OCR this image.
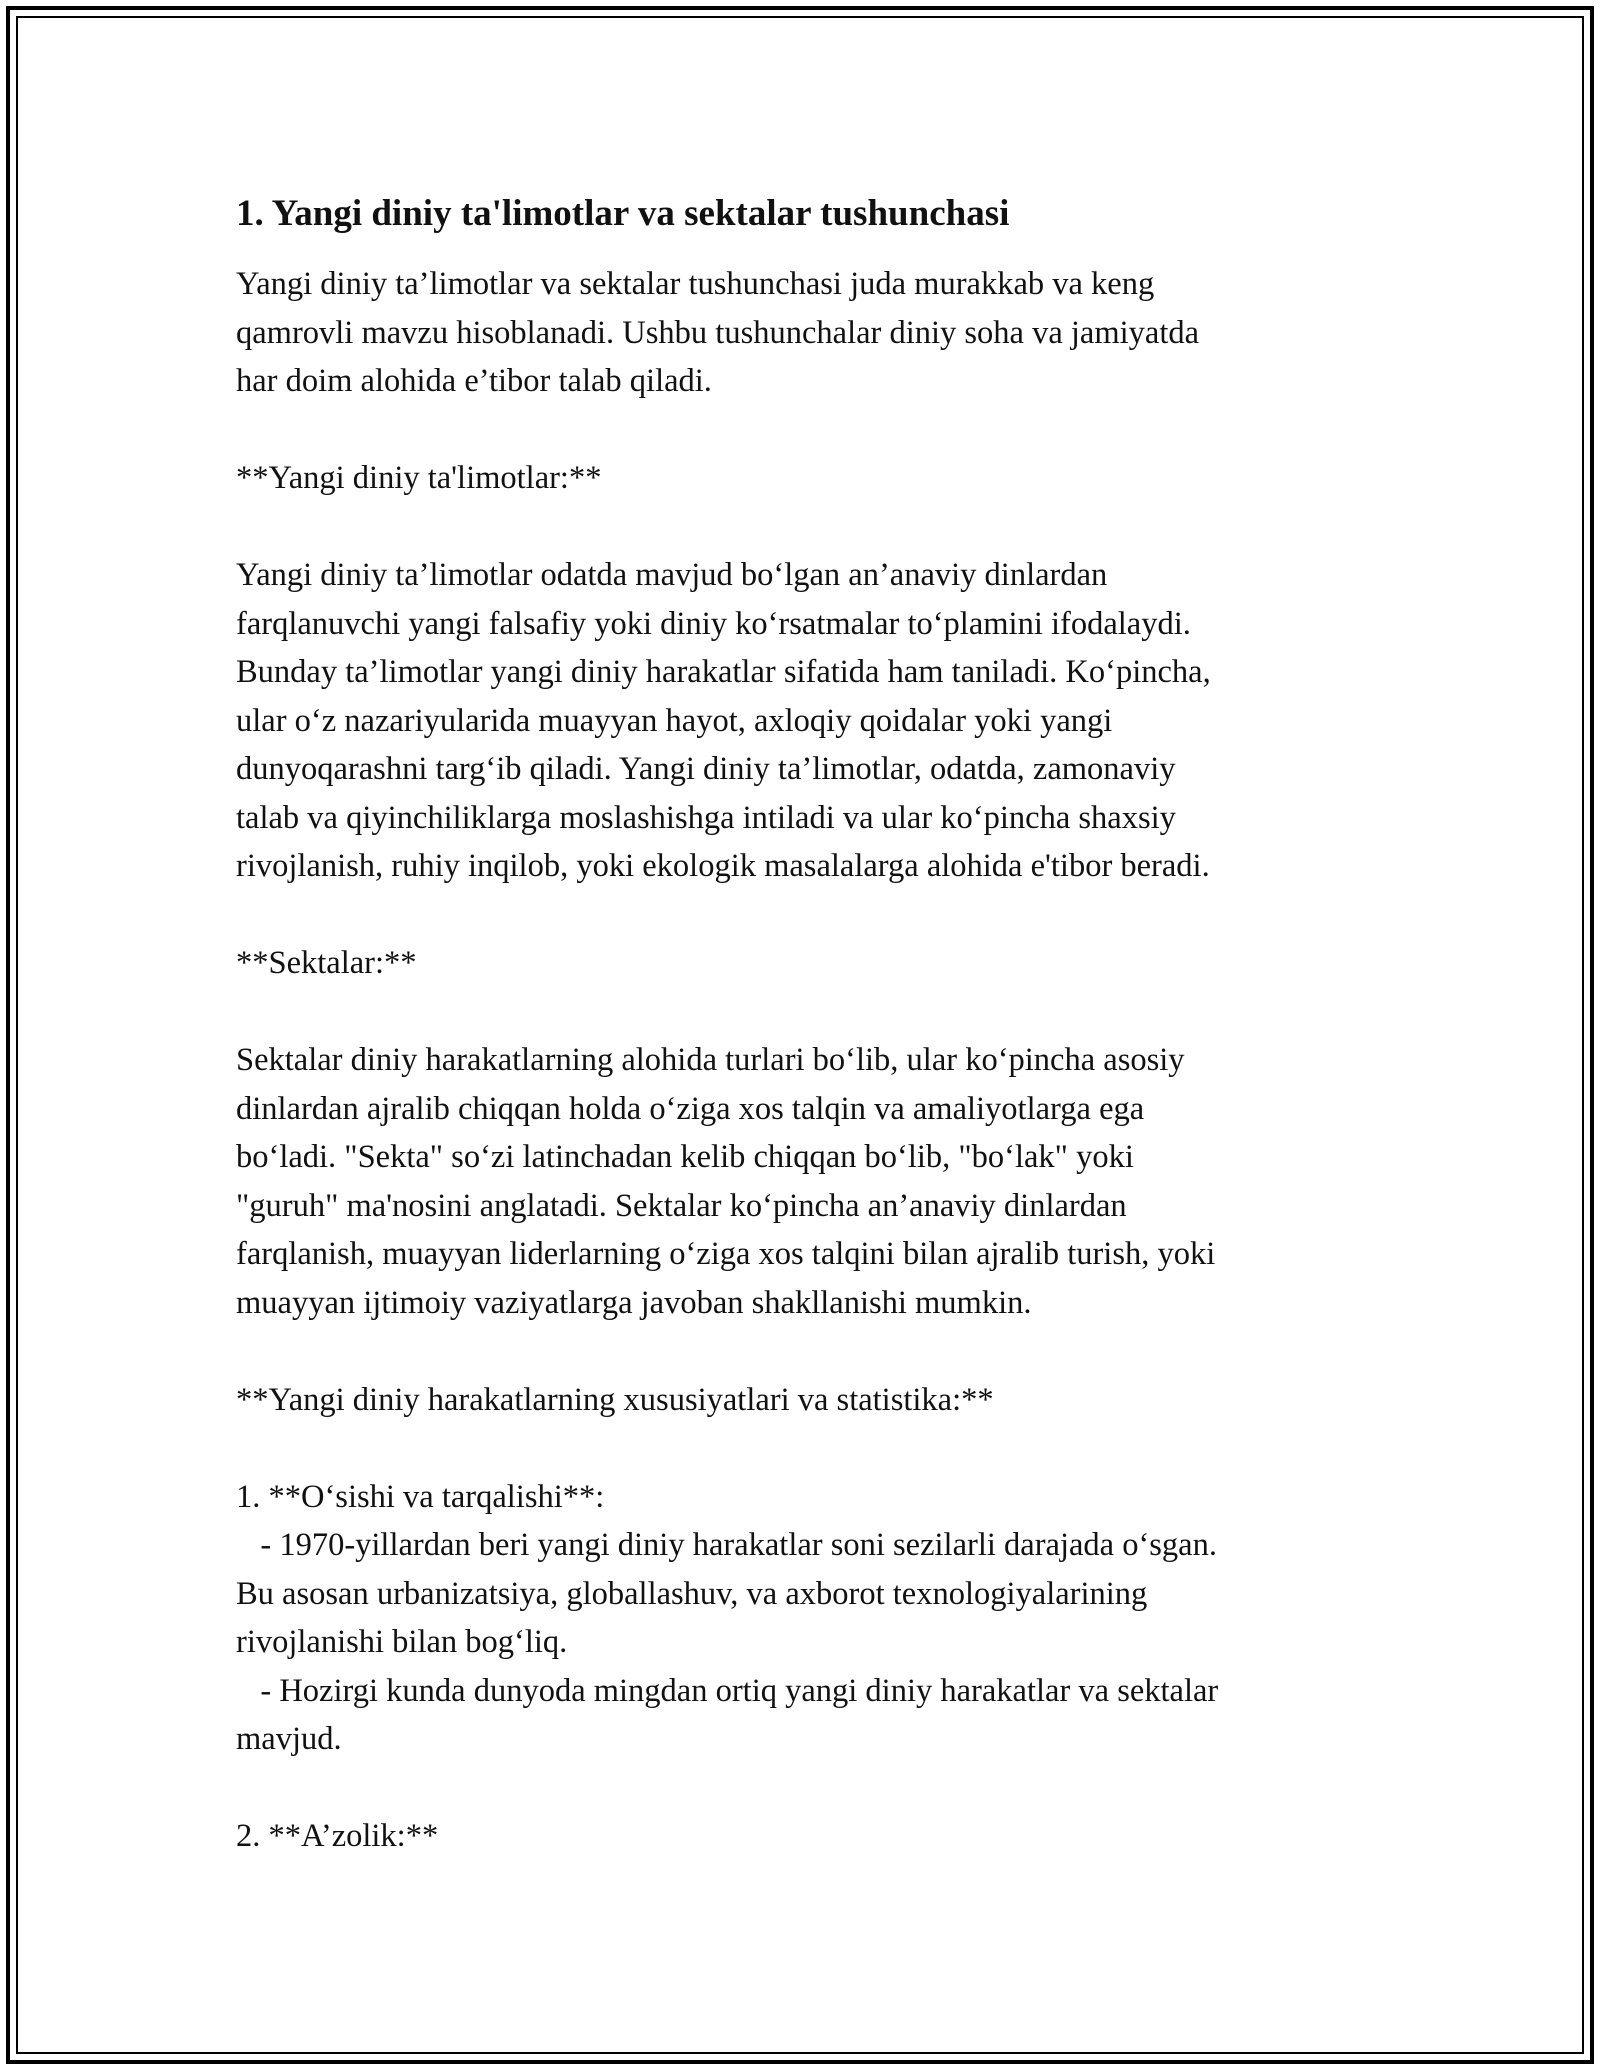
1. Yangi diniy ta'limotlar va sektalar tushunchasi
Yangi diniy ta’limotlar va sektalar tushunchasi juda murakkab va keng
qamrovli mavzu hisoblanadi. Ushbu tushunchalar diniy soha va jamiyatda
har doim alohida e’tibor talab qiladi.
**Yangi diniy ta'limotlar:**
Yangi diniy ta’limotlar odatda mavjud bo‘lgan an’anaviy dinlardan
farqlanuvchi yangi falsafiy yoki diniy ko‘rsatmalar to‘plamini ifodalaydi.
Bunday ta’limotlar yangi diniy harakatlar sifatida ham taniladi. Ko‘pincha,
ular o‘z nazariyularida muayyan hayot, axloqiy qoidalar yoki yangi
dunyoqarashni targ‘ib qiladi. Yangi diniy ta’limotlar, odatda, zamonaviy
talab va qiyinchiliklarga moslashishga intiladi va ular ko‘pincha shaxsiy
rivojlanish, ruhiy inqilob, yoki ekologik masalalarga alohida e'tibor beradi.
**Sektalar:**
Sektalar diniy harakatlarning alohida turlari bo‘lib, ular ko‘pincha asosiy
dinlardan ajralib chiqqan holda o‘ziga xos talqin va amaliyotlarga ega
bo‘ladi. "Sekta" so‘zi latinchadan kelib chiqqan bo‘lib, "bo‘lak" yoki
"guruh" ma'nosini anglatadi. Sektalar ko‘pincha an’anaviy dinlardan
farqlanish, muayyan liderlarning o‘ziga xos talqini bilan ajralib turish, yoki
muayyan ijtimoiy vaziyatlarga javoban shakllanishi mumkin.
**Yangi diniy harakatlarning xususiyatlari va statistika:**
1. **O‘sishi va tarqalishi**:
- 1970-yillardan beri yangi diniy harakatlar soni sezilarli darajada o‘sgan.
Bu asosan urbanizatsiya, globallashuv, va axborot texnologiyalarining
rivojlanishi bilan bog‘liq.
- Hozirgi kunda dunyoda mingdan ortiq yangi diniy harakatlar va sektalar
mavjud.
2. **A’zolik:**
